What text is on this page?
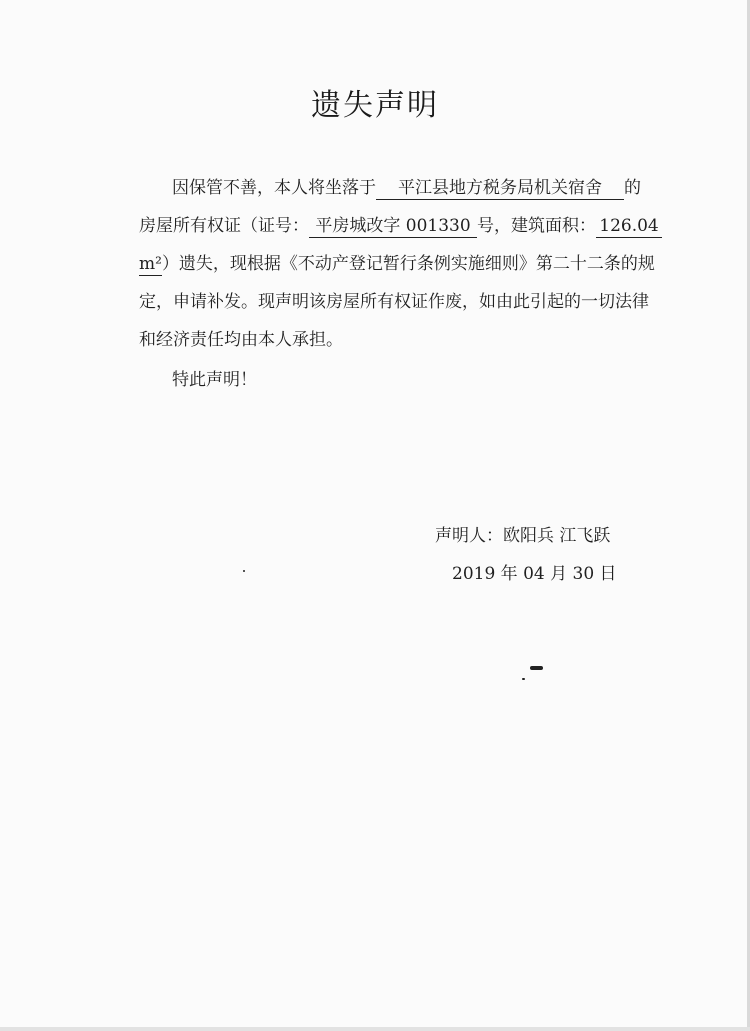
遗失声明
因保管不善，本人将坐落于 平江县地方税务局机关宿舍 的
房屋所有权证（证号： 平房城改字 001330 号，建筑面积： 126.04
m²）遗失，现根据《不动产登记暂行条例实施细则》第二十二条的规
定，申请补发。现声明该房屋所有权证作废，如由此引起的一切法律
和经济责任均由本人承担。
特此声明！
声明人：欧阳兵 江飞跃
2019 年 04 月 30 日
